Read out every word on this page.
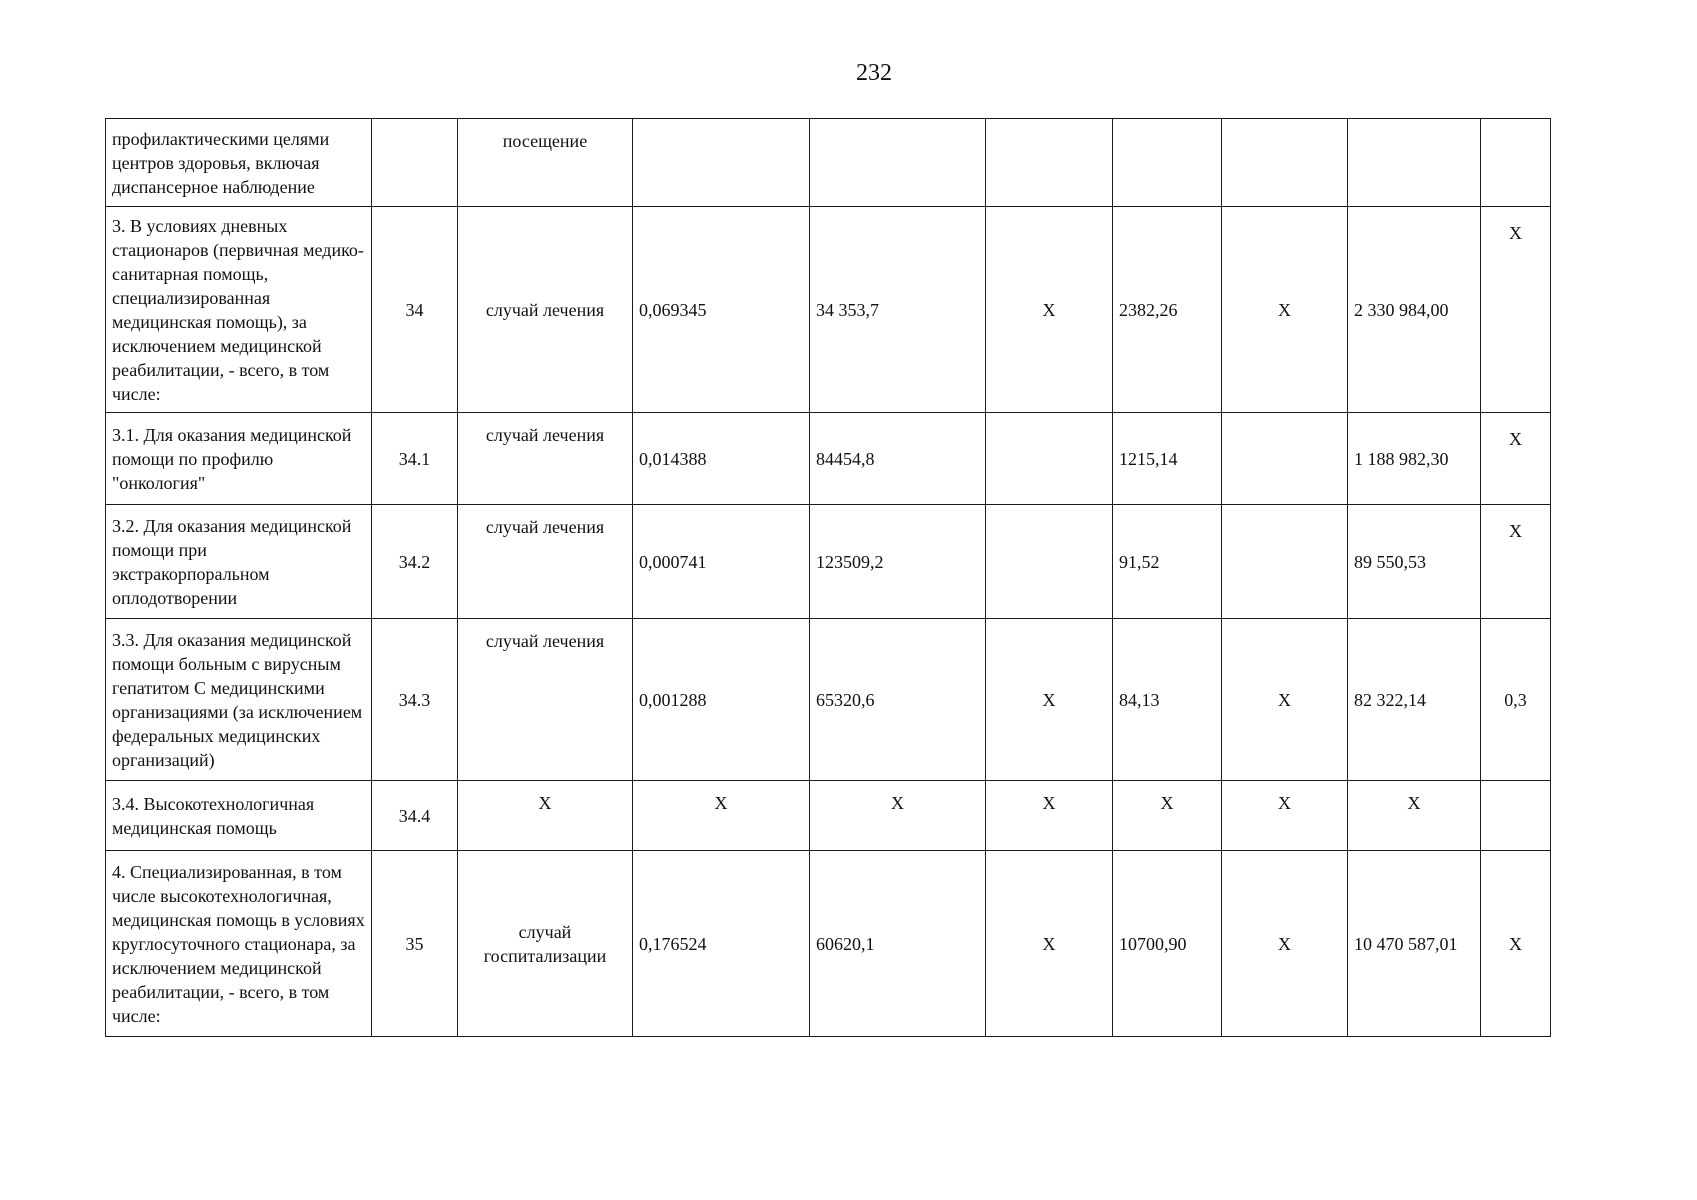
232
профилактическими целями центров здоровья, включая диспансерное наблюдение		посещение							
3. В условиях дневных стационаров (первичная медико-санитарная помощь, специализированная медицинская помощь), за исключением медицинской реабилитации, - всего, в том числе:	34	случай лечения	0,069345	34 353,7	X	2382,26	X	2 330 984,00	X
3.1. Для оказания медицинской помощи по профилю "онкология"	34.1	случай лечения	0,014388	84454,8		1215,14		1 188 982,30	X
3.2. Для оказания медицинской помощи при экстракорпоральном оплодотворении	34.2	случай лечения	0,000741	123509,2		91,52		89 550,53	X
3.3. Для оказания медицинской помощи больным с вирусным гепатитом С медицинскими организациями (за исключением федеральных медицинских организаций)	34.3	случай лечения	0,001288	65320,6	X	84,13	X	82 322,14	0,3
3.4. Высокотехнологичная медицинская помощь	34.4	X	X	X	X	X	X	X	
4. Специализированная, в том числе высокотехнологичная, медицинская помощь в условиях круглосуточного стационара, за исключением медицинской реабилитации, - всего, в том числе:	35	случай госпитализации	0,176524	60620,1	X	10700,90	X	10 470 587,01	X
